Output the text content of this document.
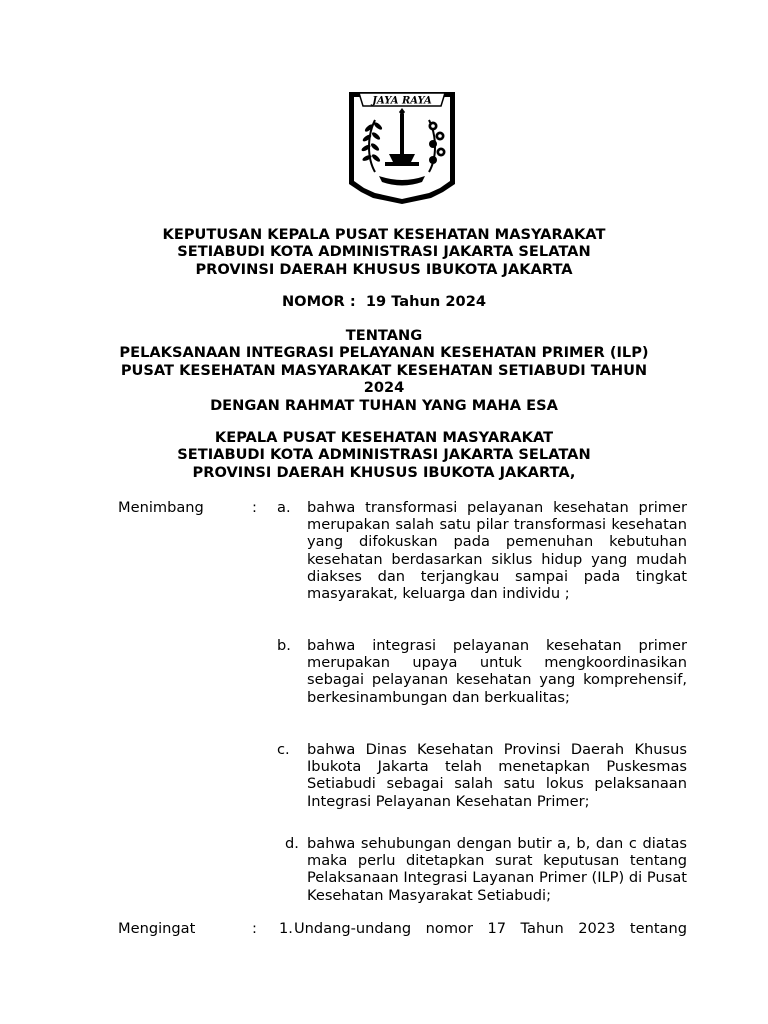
JAYA RAYA
KEPUTUSAN KEPALA PUSAT KESEHATAN MASYARAKAT
SETIABUDI KOTA ADMINISTRASI JAKARTA SELATAN
PROVINSI DAERAH KHUSUS IBUKOTA JAKARTA
NOMOR :  19 Tahun 2024
TENTANG
PELAKSANAAN INTEGRASI PELAYANAN KESEHATAN PRIMER (ILP)
PUSAT KESEHATAN MASYARAKAT KESEHATAN SETIABUDI TAHUN
2024
DENGAN RAHMAT TUHAN YANG MAHA ESA
KEPALA PUSAT KESEHATAN MASYARAKAT
SETIABUDI KOTA ADMINISTRASI JAKARTA SELATAN
PROVINSI DAERAH KHUSUS IBUKOTA JAKARTA,
Menimbang	: a. bahwa transformasi pelayanan kesehatan primer merupakan salah satu pilar transformasi kesehatan yang difokuskan pada pemenuhan kebutuhan kesehatan berdasarkan siklus hidup yang mudah diakses dan terjangkau sampai pada tingkat masyarakat, keluarga dan individu ;
b. bahwa integrasi pelayanan kesehatan primer merupakan upaya untuk mengkoordinasikan sebagai pelayanan kesehatan yang komprehensif, berkesinambungan dan berkualitas;
c. bahwa Dinas Kesehatan Provinsi Daerah Khusus Ibukota Jakarta telah menetapkan Puskesmas Setiabudi sebagai salah satu lokus pelaksanaan Integrasi Pelayanan Kesehatan Primer;
d. bahwa sehubungan dengan butir a, b, dan c diatas maka perlu ditetapkan surat keputusan tentang Pelaksanaan Integrasi Layanan Primer (ILP) di Pusat Kesehatan Masyarakat Setiabudi;
Mengingat	: 1. Undang-undang nomor 17 Tahun 2023 tentang
